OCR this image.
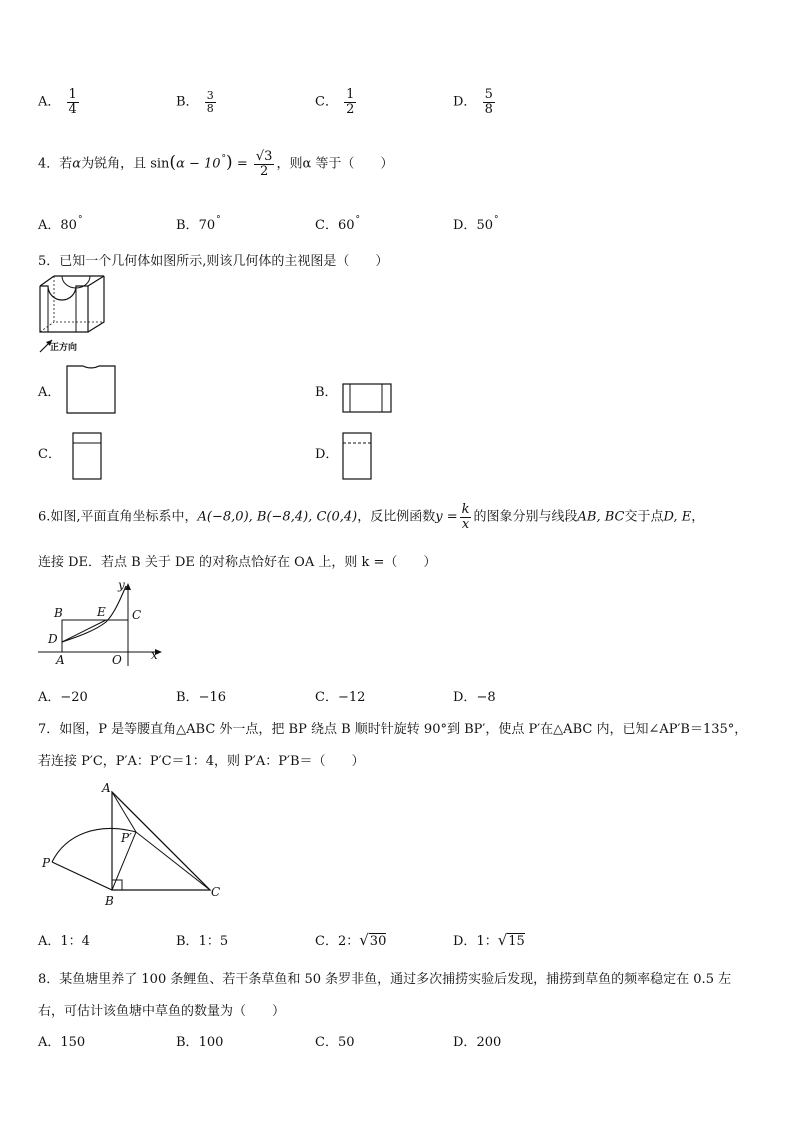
A． $\frac{1}{4}$	B． $\frac{3}{8}$	C． $\frac{1}{2}$	D． $\frac{5}{8}$
4．若α为锐角，且 $\sin(\alpha - 10^\circ) = \frac{√3}{2}$ ，则α 等于（　　）
A．80°	B．70°	C．60°	D．50°
5．已知一个几何体如图所示,则该几何体的主视图是（　　）
正方向
A．	B．
C．	D．
6.如图,平面直角坐标系中，A(−8,0), B(−8,4), C(0,4)，反比例函数$y = \frac{k}{x}$ 的图象分别与线段AB, BC交于点D, E，
连接 DE．若点 B 关于 DE 的对称点恰好在 OA 上，则 k =（　　）
B	E C
D
A	O x
y
A．−20	B．−16	C．−12	D．−8
7．如图，P 是等腰直角△ABC 外一点，把 BP 绕点 B 顺时针旋转 90°到 BP′，使点 P′在△ABC 内，已知∠AP′B＝135°，
若连接 P′C，P′A：P′C＝1：4，则 P′A：P′B＝（　　）
A
P
P′
B
C
A．1：4	B．1：5	C．2：√30	D．1：√15
8．某鱼塘里养了 100 条鲤鱼、若干条草鱼和 50 条罗非鱼，通过多次捕捞实验后发现，捕捞到草鱼的频率稳定在 0.5 左
右，可估计该鱼塘中草鱼的数量为（　　）
A．150	B．100	C．50	D．200
